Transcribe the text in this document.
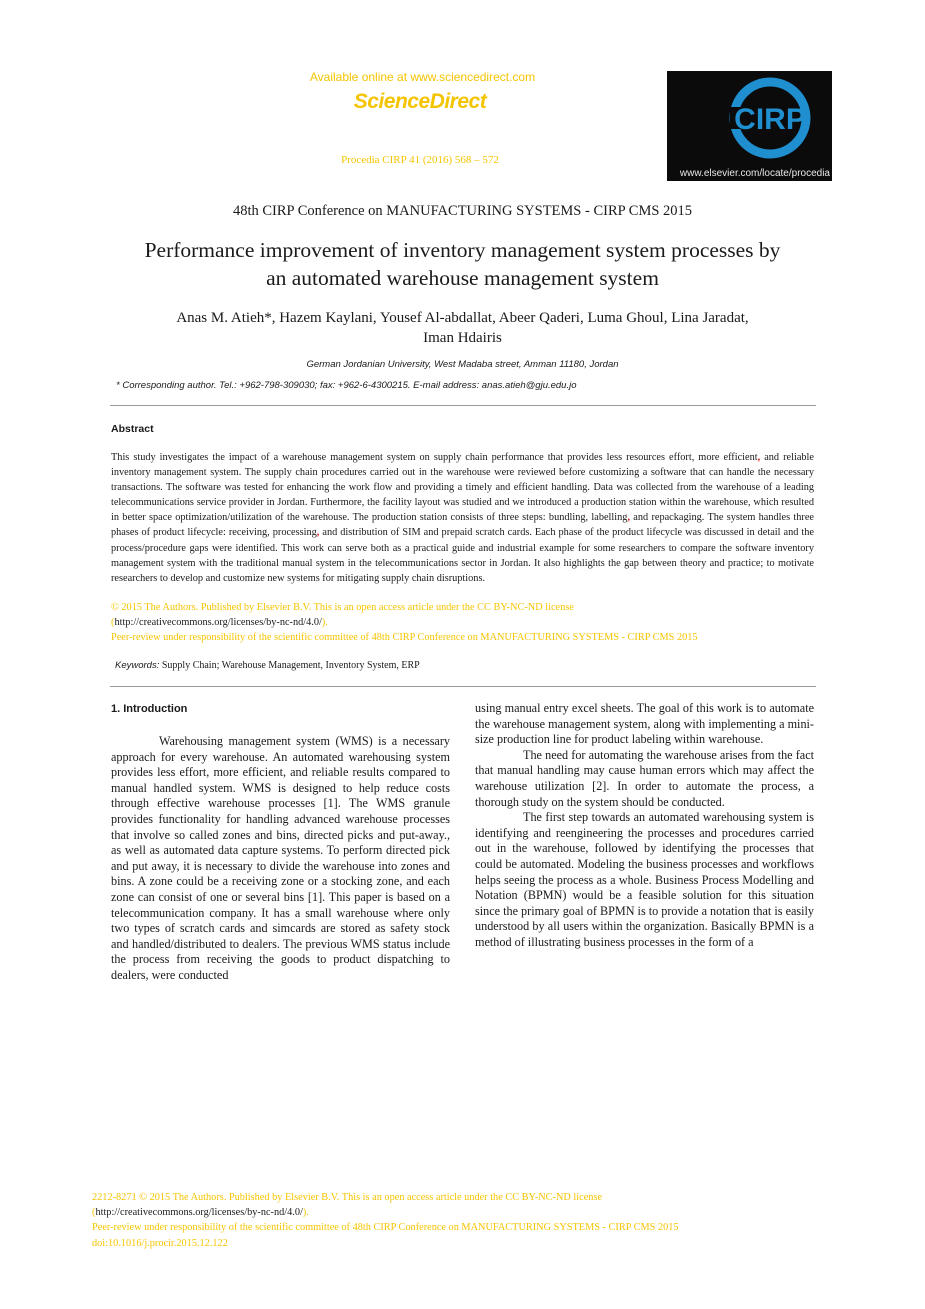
Available online at www.sciencedirect.com
ScienceDirect
Procedia CIRP 41 (2016) 568 – 572
CIRP
www.elsevier.com/locate/procedia
48th CIRP Conference on MANUFACTURING SYSTEMS - CIRP CMS 2015
Performance improvement of inventory management system processes by
an automated warehouse management system
Anas M. Atieh*, Hazem Kaylani, Yousef Al-abdallat, Abeer Qaderi, Luma Ghoul, Lina Jaradat,
Iman Hdairis
German Jordanian University, West Madaba street, Amman 11180, Jordan
* Corresponding author. Tel.: +962-798-309030; fax: +962-6-4300215. E-mail address: anas.atieh@gju.edu.jo
Abstract
This study investigates the impact of a warehouse management system on supply chain performance that provides less resources effort, more efficient, and reliable inventory management system. The supply chain procedures carried out in the warehouse were reviewed before customizing a software that can handle the necessary transactions. The software was tested for enhancing the work flow and providing a timely and efficient handling. Data was collected from the warehouse of a leading telecommunications service provider in Jordan. Furthermore, the facility layout was studied and we introduced a production station within the warehouse, which resulted in better space optimization/utilization of the warehouse. The production station consists of three steps: bundling, labelling, and repackaging. The system handles three phases of product lifecycle: receiving, processing, and distribution of SIM and prepaid scratch cards. Each phase of the product lifecycle was discussed in detail and the process/procedure gaps were identified. This work can serve both as a practical guide and industrial example for some researchers to compare the software inventory management system with the traditional manual system in the telecommunications sector in Jordan. It also highlights the gap between theory and practice; to motivate researchers to develop and customize new systems for mitigating supply chain disruptions.
© 2015 The Authors. Published by Elsevier B.V. This is an open access article under the CC BY-NC-ND license
(http://creativecommons.org/licenses/by-nc-nd/4.0/).
Peer-review under responsibility of the scientific committee of 48th CIRP Conference on MANUFACTURING SYSTEMS - CIRP CMS 2015
Keywords: Supply Chain; Warehouse Management, Inventory System, ERP
1. Introduction

Warehousing management system (WMS) is a necessary approach for every warehouse. An automated warehousing system provides less effort, more efficient, and reliable results compared to manual handled system. WMS is designed to help reduce costs through effective warehouse processes [1]. The WMS granule provides functionality for handling advanced warehouse processes that involve so called zones and bins, directed picks and put-away., as well as automated data capture systems. To perform directed pick and put away, it is necessary to divide the warehouse into zones and bins. A zone could be a receiving zone or a stocking zone, and each zone can consist of one or several bins [1]. This paper is based on a telecommunication company. It has a small warehouse where only two types of scratch cards and simcards are stored as safety stock and handled/distributed to dealers. The previous WMS status include the process from receiving the goods to product dispatching to dealers, were conducted

using manual entry excel sheets. The goal of this work is to automate the warehouse management system, along with implementing a mini-size production line for product labeling within warehouse.

The need for automating the warehouse arises from the fact that manual handling may cause human errors which may affect the warehouse utilization [2]. In order to automate the process, a thorough study on the system should be conducted.

The first step towards an automated warehousing system is identifying and reengineering the processes and procedures carried out in the warehouse, followed by identifying the processes that could be automated. Modeling the business processes and workflows helps seeing the process as a whole. Business Process Modelling and Notation (BPMN) would be a feasible solution for this situation since the primary goal of BPMN is to provide a notation that is easily understood by all users within the organization. Basically BPMN is a method of illustrating business processes in the form of a

2212-8271 © 2015 The Authors. Published by Elsevier B.V. This is an open access article under the CC BY-NC-ND license
(http://creativecommons.org/licenses/by-nc-nd/4.0/).
Peer-review under responsibility of the scientific committee of 48th CIRP Conference on MANUFACTURING SYSTEMS - CIRP CMS 2015
doi:10.1016/j.procir.2015.12.122
